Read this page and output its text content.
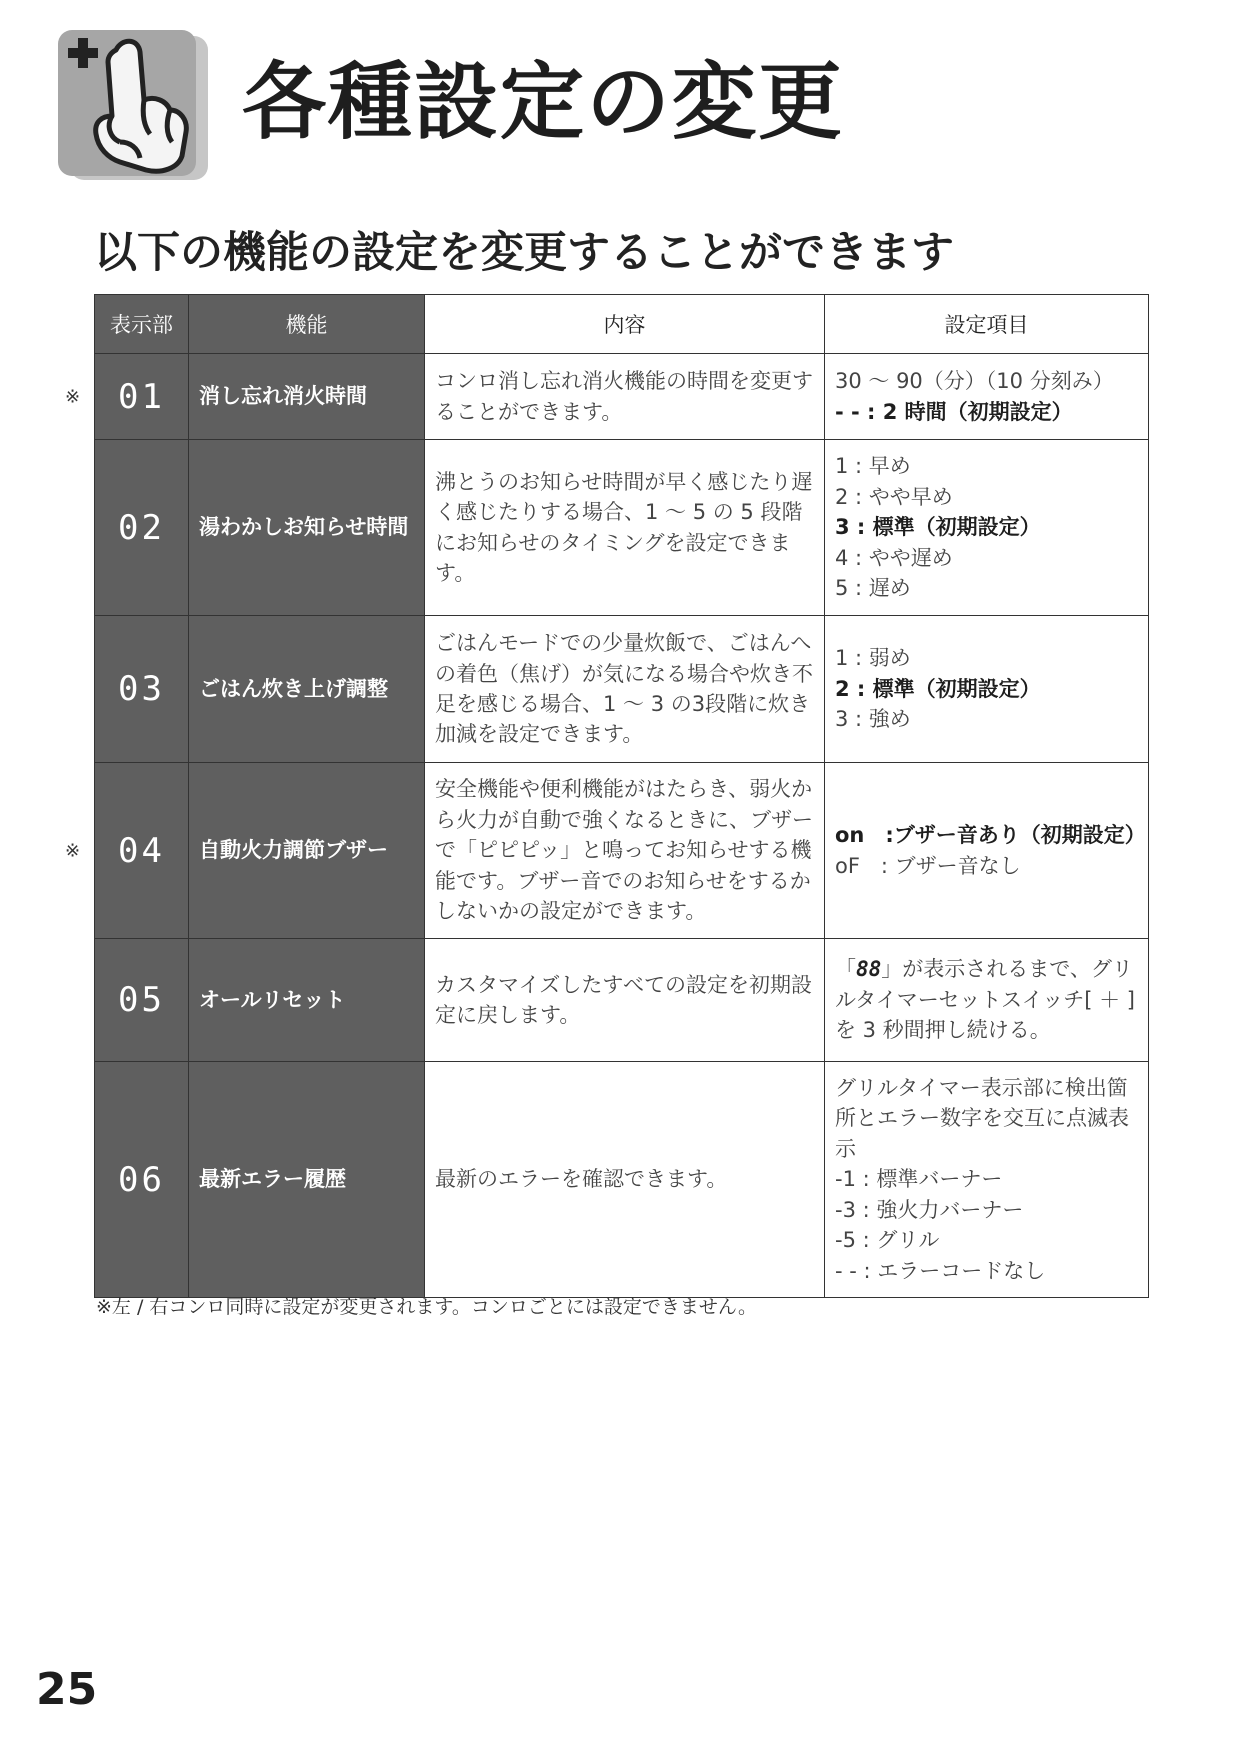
各種設定の変更
以下の機能の設定を変更することができます
表示部	機能	内容	設定項目

※ 01	消し忘れ消火時間	コンロ消し忘れ消火機能の時間を変更することができます。	30 ～ 90（分）（10 分刻み）
- - : 2 時間（初期設定）

02	湯わかしお知らせ時間	沸とうのお知らせ時間が早く感じたり遅く感じたりする場合、1 ～ 5 の 5 段階にお知らせのタイミングを設定できます。	1 : 早め
2 : やや早め
3 : 標準（初期設定）
4 : やや遅め
5 : 遅め

03	ごはん炊き上げ調整	ごはんモードでの少量炊飯で、ごはんへの着色（焦げ）が気になる場合や炊き不足を感じる場合、1 ～ 3 の3段階に炊き加減を設定できます。	1 : 弱め
2 : 標準（初期設定）
3 : 強め

※ 04	自動火力調節ブザー	安全機能や便利機能がはたらき、弱火から火力が自動で強くなるときに、ブザーで「ピピピッ」と鳴ってお知らせする機能です。ブザー音でのお知らせをするかしないかの設定ができます。	on　:ブザー音あり（初期設定）
oF　: ブザー音なし

05	オールリセット	カスタマイズしたすべての設定を初期設定に戻します。	「88」が表示されるまで、グリルタイマーセットスイッチ[ ＋ ]を 3 秒間押し続ける。
06	最新エラー履歴	最新のエラーを確認できます。	グリルタイマー表示部に検出箇所とエラー数字を交互に点滅表示
-1 : 標準バーナー
-3 : 強火力バーナー
-5 : グリル
- - : エラーコードなし

※左 / 右コンロ同時に設定が変更されます。コンロごとには設定できません。

25
